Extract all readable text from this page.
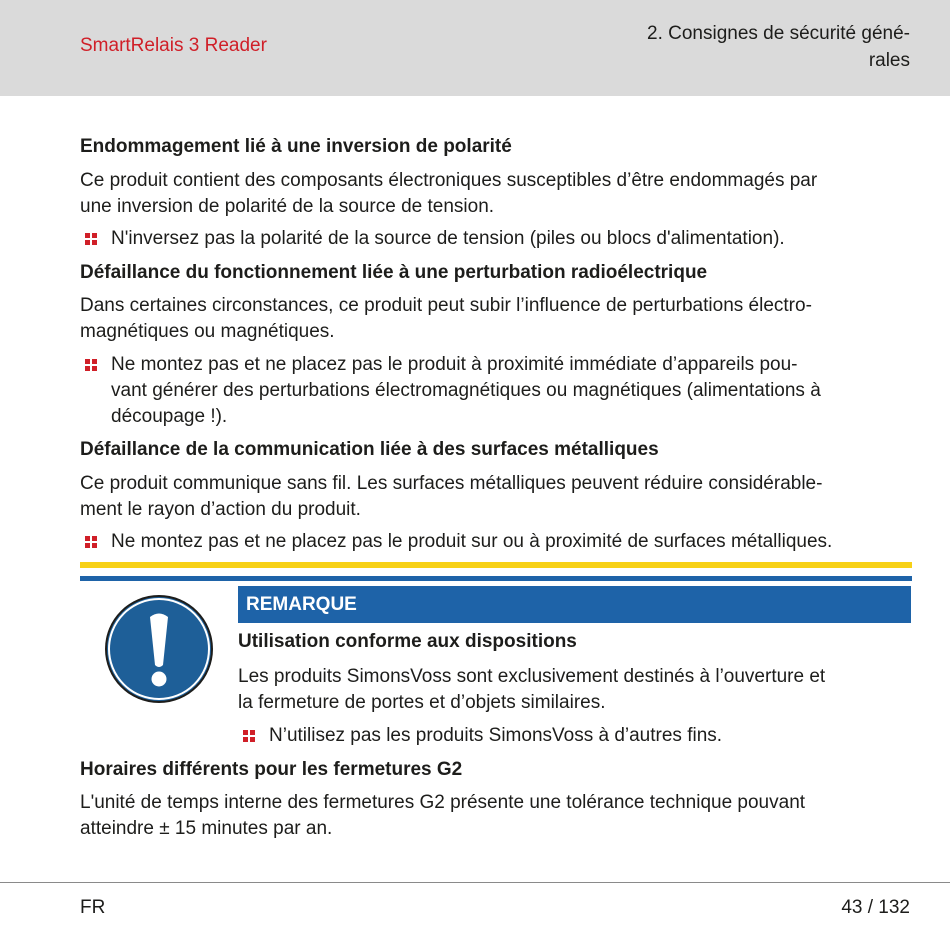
SmartRelais 3 Reader
2. Consignes de sécurité géné-
rales
Endommagement lié à une inversion de polarité
Ce produit contient des composants électroniques susceptibles d’être endommagés par
une inversion de polarité de la source de tension.
N'inversez pas la polarité de la source de tension (piles ou blocs d'alimentation).
Défaillance du fonctionnement liée à une perturbation radioélectrique
Dans certaines circonstances, ce produit peut subir l’influence de perturbations électro-
magnétiques ou magnétiques.
Ne montez pas et ne placez pas le produit à proximité immédiate d’appareils pou-
vant générer des perturbations électromagnétiques ou magnétiques (alimentations à
découpage !).
Défaillance de la communication liée à des surfaces métalliques
Ce produit communique sans fil. Les surfaces métalliques peuvent réduire considérable-
ment le rayon d’action du produit.
Ne montez pas et ne placez pas le produit sur ou à proximité de surfaces métalliques.
REMARQUE
Utilisation conforme aux dispositions
Les produits SimonsVoss sont exclusivement destinés à l’ouverture et
la fermeture de portes et d’objets similaires.
N’utilisez pas les produits SimonsVoss à d’autres fins.
Horaires différents pour les fermetures G2
L'unité de temps interne des fermetures G2 présente une tolérance technique pouvant
atteindre ± 15 minutes par an.
FR	43 / 132
